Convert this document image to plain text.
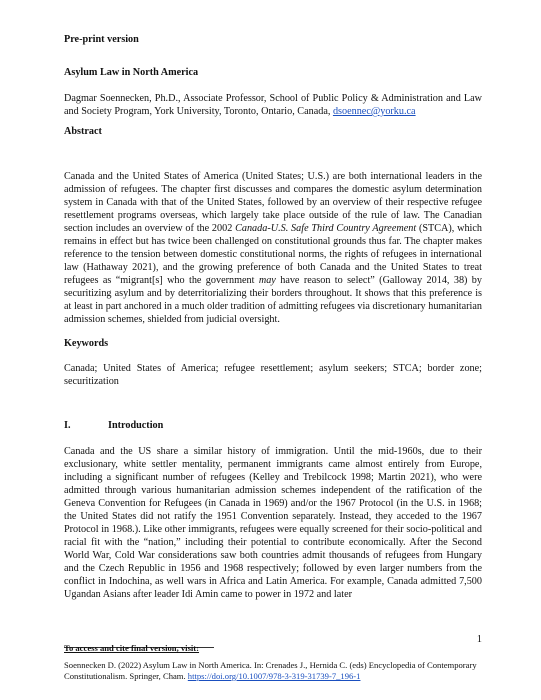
Pre-print version
Asylum Law in North America
Dagmar Soennecken, Ph.D., Associate Professor, School of Public Policy & Administration and Law and Society Program, York University, Toronto, Ontario, Canada, dsoennec@yorku.ca
Abstract
Canada and the United States of America (United States; U.S.) are both international leaders in the admission of refugees. The chapter first discusses and compares the domestic asylum determination system in Canada with that of the United States, followed by an overview of their respective refugee resettlement programs overseas, which largely take place outside of the rule of law. The Canadian section includes an overview of the 2002 Canada-U.S. Safe Third Country Agreement (STCA), which remains in effect but has twice been challenged on constitutional grounds thus far. The chapter makes reference to the tension between domestic constitutional norms, the rights of refugees in international law (Hathaway 2021), and the growing preference of both Canada and the United States to treat refugees as “migrant[s] who the government may have reason to select” (Galloway 2014, 38) by securitizing asylum and by deterritorializing their borders throughout. It shows that this preference is at least in part anchored in a much older tradition of admitting refugees via discretionary humanitarian admission schemes, shielded from judicial oversight.
Keywords
Canada; United States of America; refugee resettlement; asylum seekers; STCA; border zone; securitization
I.	Introduction
Canada and the US share a similar history of immigration. Until the mid-1960s, due to their exclusionary, white settler mentality, permanent immigrants came almost entirely from Europe, including a significant number of refugees (Kelley and Trebilcock 1998; Martin 2021), who were admitted through various humanitarian admission schemes independent of the ratification of the Geneva Convention for Refugees (in Canada in 1969) and/or the 1967 Protocol (in the U.S. in 1968; the United States did not ratify the 1951 Convention separately. Instead, they acceded to the 1967 Protocol in 1968.). Like other immigrants, refugees were equally screened for their socio-political and racial fit with the “nation,” including their potential to contribute economically. After the Second World War, Cold War considerations saw both countries admit thousands of refugees from Hungary and the Czech Republic in 1956 and 1968 respectively; followed by even larger numbers from the conflict in Indochina, as well wars in Africa and Latin America. For example, Canada admitted 7,500 Ugandan Asians after leader Idi Amin came to power in 1972 and later
1
To access and cite final version, visit:
Soennecken D. (2022) Asylum Law in North America. In: Crenades J., Hernida C. (eds) Encyclopedia of Contemporary Constitutionalism. Springer, Cham. https://doi.org/10.1007/978-3-319-31739-7_196-1
